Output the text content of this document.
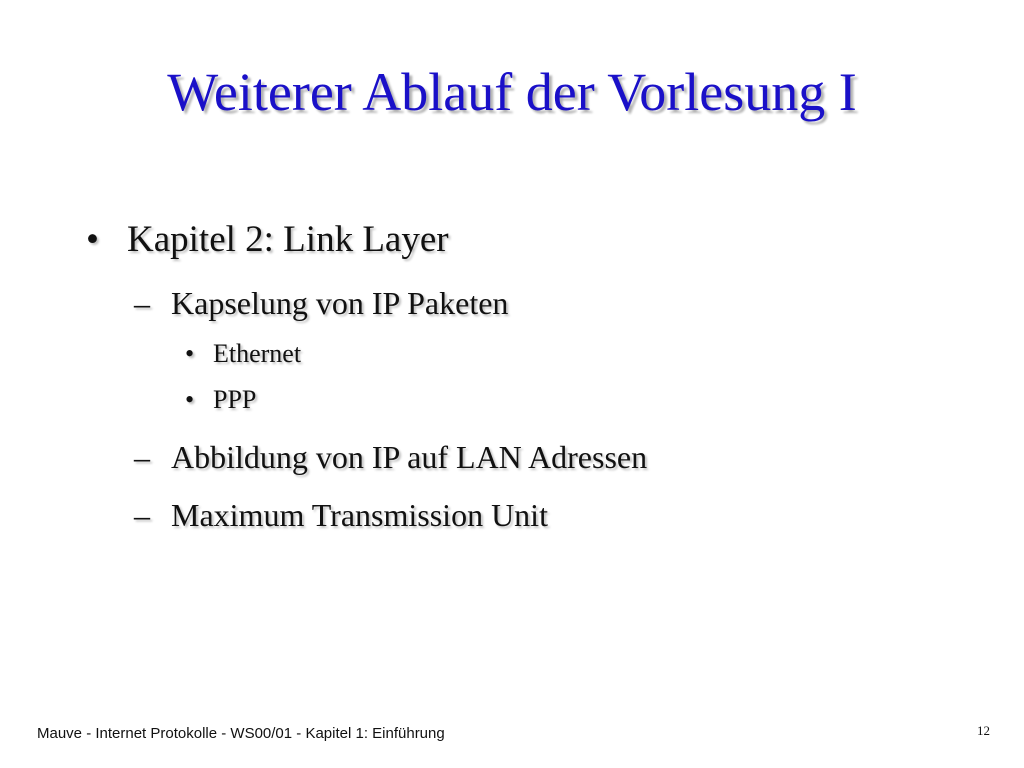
Weiterer Ablauf der Vorlesung I
• Kapitel 2: Link Layer
– Kapselung von IP Paketen
• Ethernet
• PPP
– Abbildung von IP auf LAN Adressen
– Maximum Transmission Unit
Mauve - Internet Protokolle - WS00/01 - Kapitel 1: Einführung	12
